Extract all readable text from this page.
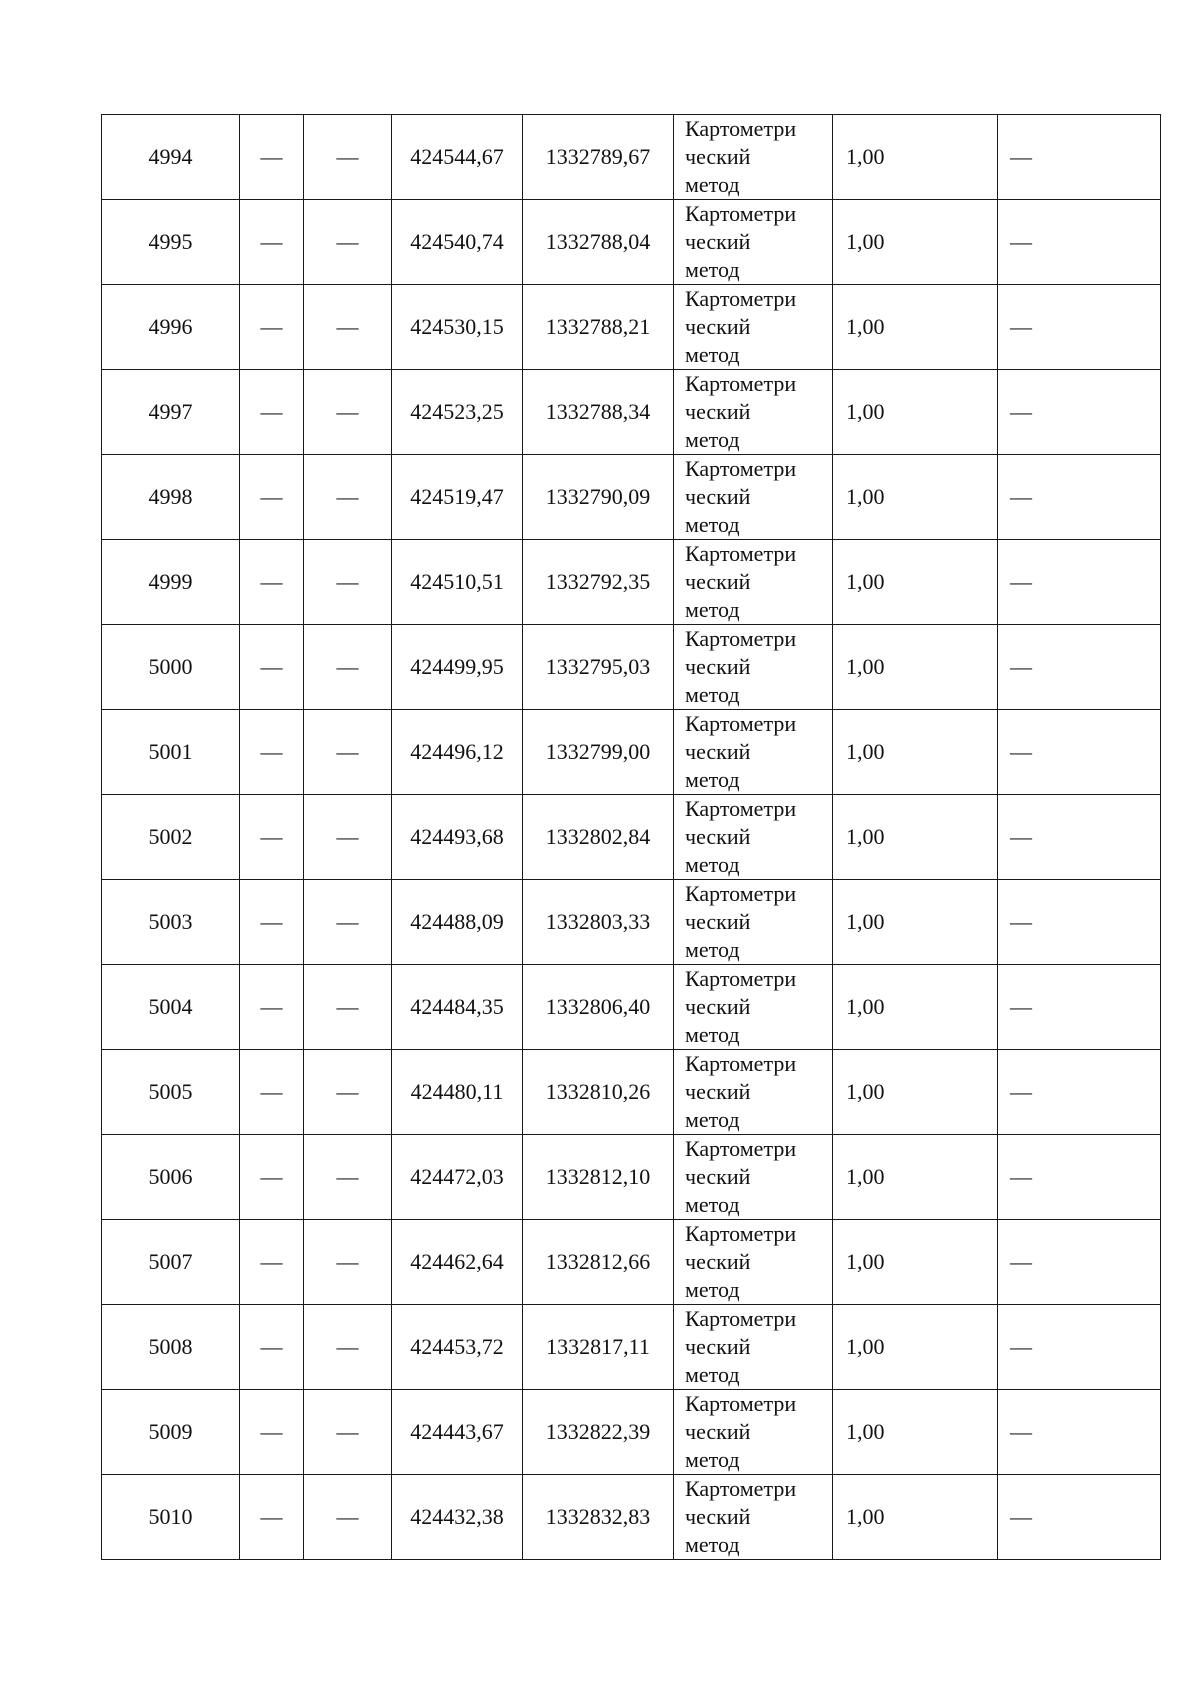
4994	—	—	424544,67	1332789,67	Картометри
ческий
метод	1,00	—
4995	—	—	424540,74	1332788,04	Картометри
ческий
метод	1,00	—
4996	—	—	424530,15	1332788,21	Картометри
ческий
метод	1,00	—
4997	—	—	424523,25	1332788,34	Картометри
ческий
метод	1,00	—
4998	—	—	424519,47	1332790,09	Картометри
ческий
метод	1,00	—
4999	—	—	424510,51	1332792,35	Картометри
ческий
метод	1,00	—
5000	—	—	424499,95	1332795,03	Картометри
ческий
метод	1,00	—
5001	—	—	424496,12	1332799,00	Картометри
ческий
метод	1,00	—
5002	—	—	424493,68	1332802,84	Картометри
ческий
метод	1,00	—
5003	—	—	424488,09	1332803,33	Картометри
ческий
метод	1,00	—
5004	—	—	424484,35	1332806,40	Картометри
ческий
метод	1,00	—
5005	—	—	424480,11	1332810,26	Картометри
ческий
метод	1,00	—
5006	—	—	424472,03	1332812,10	Картометри
ческий
метод	1,00	—
5007	—	—	424462,64	1332812,66	Картометри
ческий
метод	1,00	—
5008	—	—	424453,72	1332817,11	Картометри
ческий
метод	1,00	—
5009	—	—	424443,67	1332822,39	Картометри
ческий
метод	1,00	—
5010	—	—	424432,38	1332832,83	Картометри
ческий
метод	1,00	—
